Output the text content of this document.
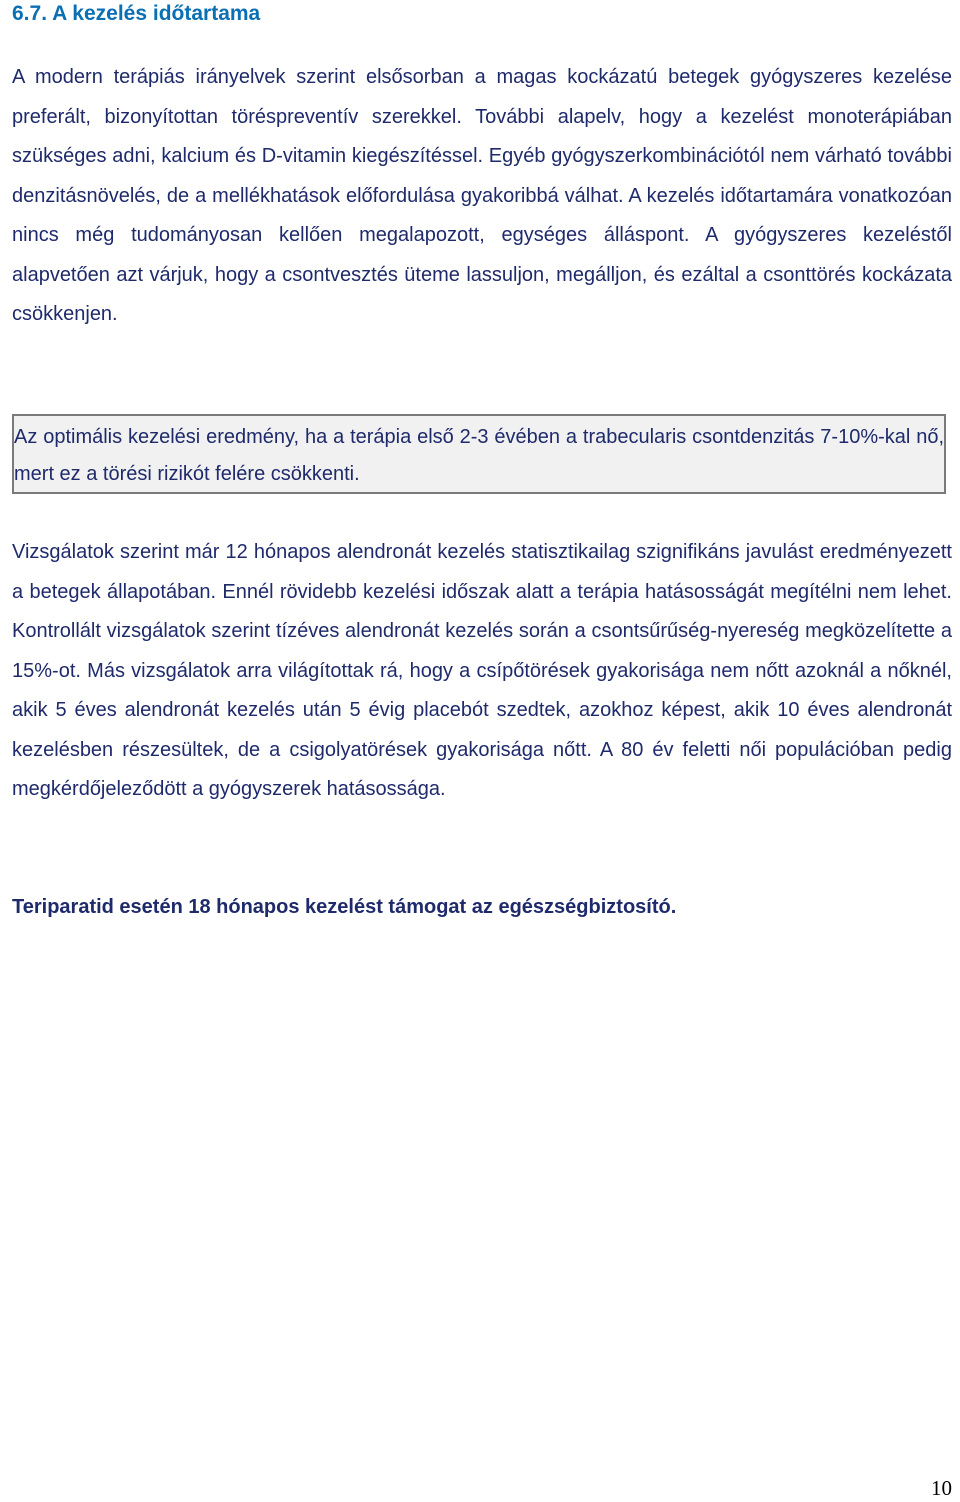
6.7. A kezelés időtartama

A modern terápiás irányelvek szerint elsősorban a magas kockázatú betegek gyógyszeres kezelése preferált, bizonyítottan töréspreventív szerekkel. További alapelv, hogy a kezelést monoterápiában szükséges adni, kalcium és D-vitamin kiegészítéssel. Egyéb gyógyszerkombinációtól nem várható további denzitásnövelés, de a mellékhatások előfordulása gyakoribbá válhat. A kezelés időtartamára vonatkozóan nincs még tudományosan kellően megalapozott, egységes álláspont. A gyógyszeres kezeléstől alapvetően azt várjuk, hogy a csontvesztés üteme lassuljon, megálljon, és ezáltal a csonttörés kockázata csökkenjen.

Az optimális kezelési eredmény, ha a terápia első 2-3 évében a trabecularis csontdenzitás 7-10%-kal nő, mert ez a törési rizikót felére csökkenti.

Vizsgálatok szerint már 12 hónapos alendronát kezelés statisztikailag szignifikáns javulást eredményezett a betegek állapotában. Ennél rövidebb kezelési időszak alatt a terápia hatásosságát megítélni nem lehet. Kontrollált vizsgálatok szerint tízéves alendronát kezelés során a csontsűrűség-nyereség megközelítette a 15%-ot. Más vizsgálatok arra világítottak rá, hogy a csípőtörések gyakorisága nem nőtt azoknál a nőknél, akik 5 éves alendronát kezelés után 5 évig placebót szedtek, azokhoz képest, akik 10 éves alendronát kezelésben részesültek, de a csigolyatörések gyakorisága nőtt. A 80 év feletti női populációban pedig megkérdőjeleződött a gyógyszerek hatásossága.

Teriparatid esetén 18 hónapos kezelést támogat az egészségbiztosító.

10
